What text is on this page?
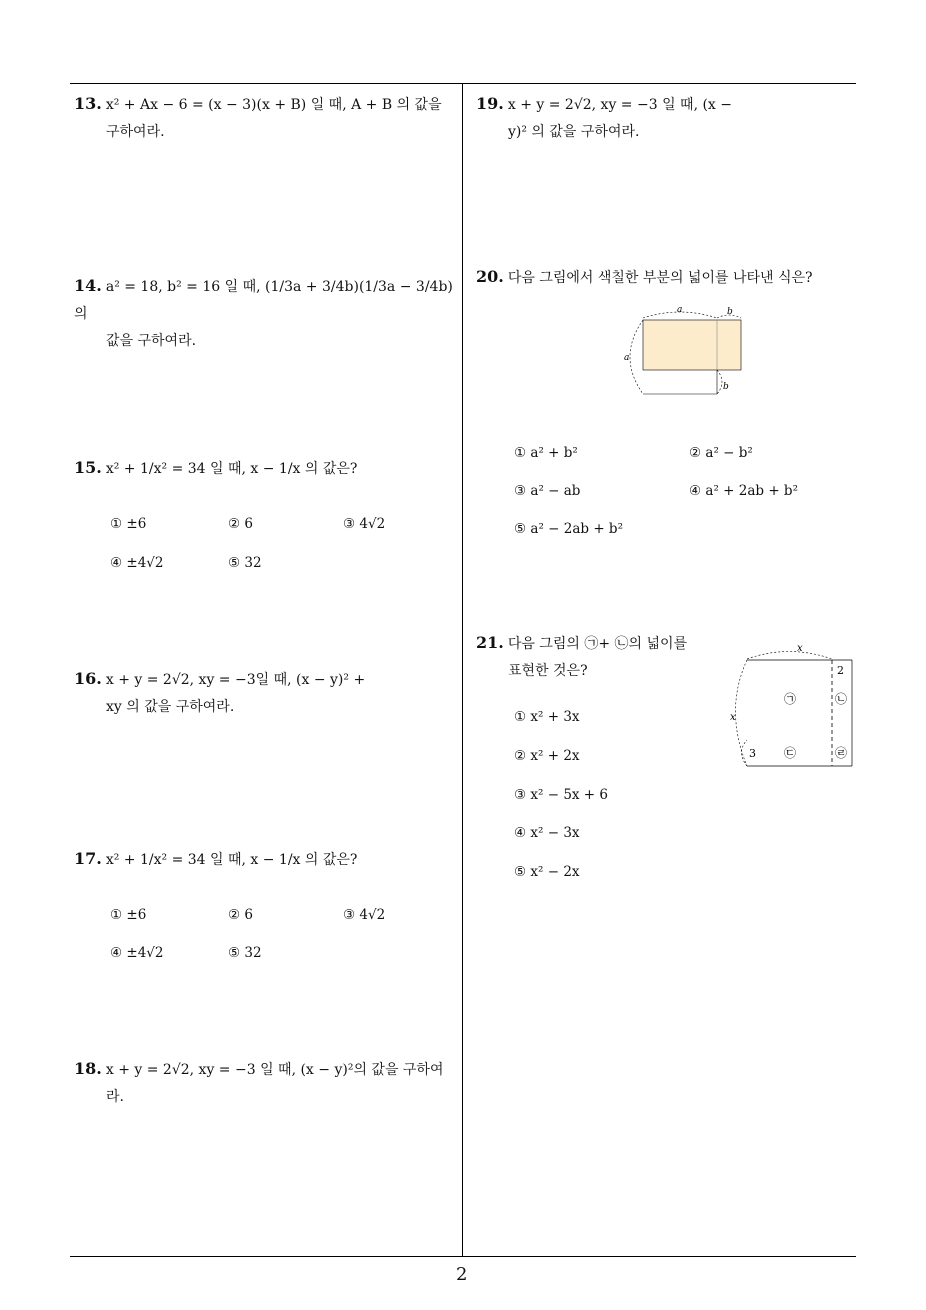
13. x² + Ax − 6 = (x − 3)(x + B) 일 때, A + B 의 값을
구하여라.
14. a² = 18, b² = 16 일 때, (1/3a + 3/4b)(1/3a − 3/4b) 의
값을 구하여라.
15. x² + 1/x² = 34 일 때, x − 1/x 의 값은?
① ±6	② 6	③ 4√2
④ ±4√2	⑤ 32
16. x + y = 2√2, xy = −3일 때, (x − y)² +
xy 의 값을 구하여라.
17. x² + 1/x² = 34 일 때, x − 1/x 의 값은?
① ±6	② 6	③ 4√2
④ ±4√2	⑤ 32
18. x + y = 2√2, xy = −3 일 때, (x − y)²의 값을 구하여
라.
19. x + y = 2√2, xy = −3 일 때, (x −
y)² 의 값을 구하여라.
20. 다음 그림에서 색칠한 부분의 넓이를 나타낸 식은?
a	b
a
b
① a² + b²	② a² − b²
③ a² − ab	④ a² + 2ab + b²
⑤ a² − 2ab + b²
21. 다음 그림의 ㉠+ ㉡의 넓이를
표현한 것은?
x
2
x
3
㉠	㉡
㉢	㉣
① x² + 3x
② x² + 2x
③ x² − 5x + 6
④ x² − 3x
⑤ x² − 2x
2
